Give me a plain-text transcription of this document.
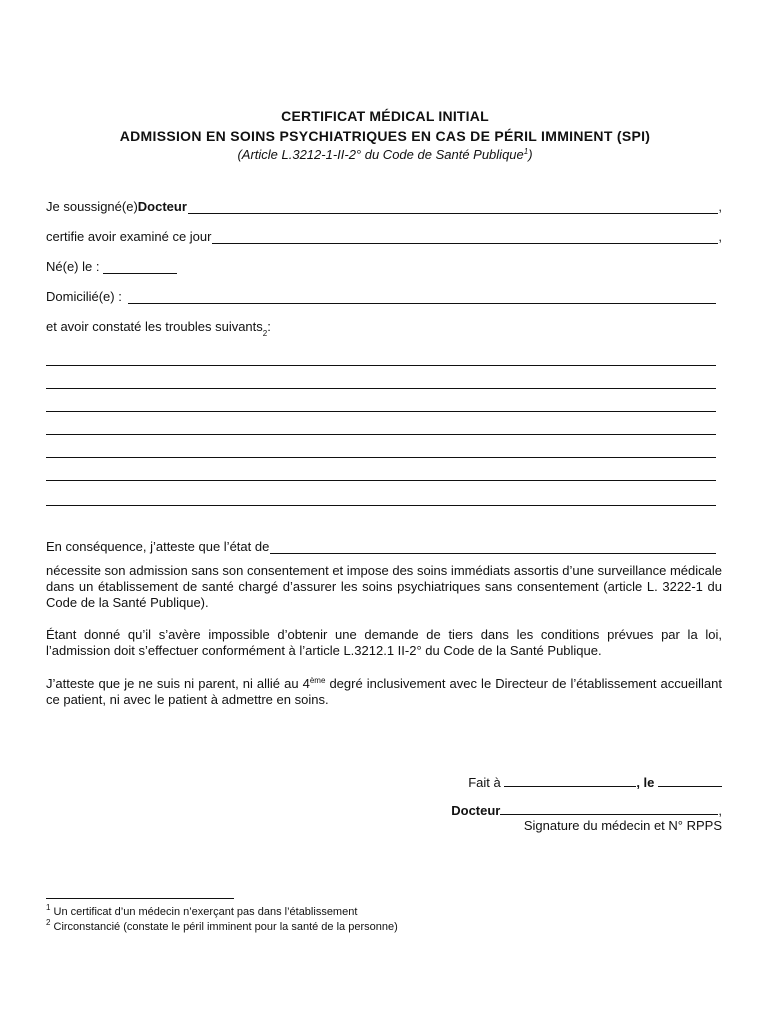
CERTIFICAT MÉDICAL INITIAL
ADMISSION EN SOINS PSYCHIATRIQUES EN CAS DE PÉRIL IMMINENT (SPI)
(Article L.3212-1-II-2° du Code de Santé Publique$^1$)
Je soussigné(e) Docteur	,
certifie avoir examiné ce jour	,
Né(e) le :
Domicilié(e) :
et avoir constaté les troubles suivants 2 :
En conséquence, j’atteste que l’état de

nécessite son admission sans son consentement et impose des soins immédiats assortis d’une surveillance médicale dans un établissement de santé chargé d’assurer les soins psychiatriques sans consentement (article L. 3222-1 du Code de la Santé Publique).

Étant donné qu’il s’avère impossible d’obtenir une demande de tiers dans les conditions prévues par la loi, l’admission doit s’effectuer conformément à l’article L.3212.1 II-2° du Code de la Santé Publique.

J’atteste que je ne suis ni parent, ni allié au 4ème degré inclusivement avec le Directeur de l’établissement accueillant ce patient, ni avec le patient à admettre en soins.

Fait à	, le
Docteur	,
Signature du médecin et N° RPPS
$^1$ Un certificat d’un médecin n’exerçant pas dans l’établissement
$^2$ Circonstancié (constate le péril imminent pour la santé de la personne)
